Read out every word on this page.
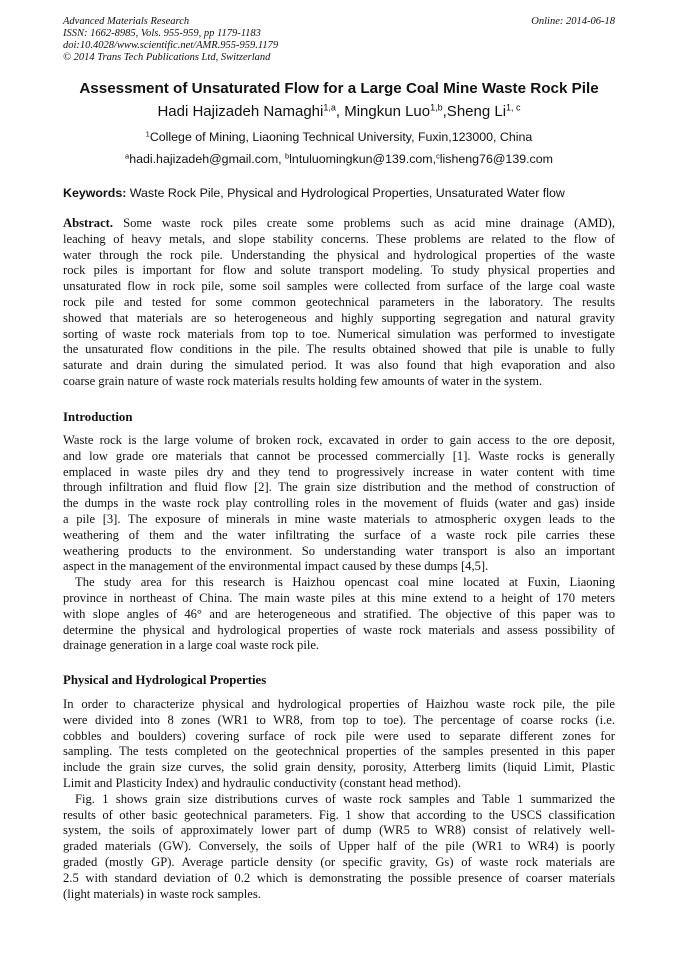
Advanced Materials Research
ISSN: 1662-8985, Vols. 955-959, pp 1179-1183
doi:10.4028/www.scientific.net/AMR.955-959.1179
© 2014 Trans Tech Publications Ltd, Switzerland
Online: 2014-06-18
Assessment of Unsaturated Flow for a Large Coal Mine Waste Rock Pile
Hadi Hajizadeh Namaghi$^{1,a}$, Mingkun Luo$^{1,b}$,Sheng Li$^{1, c}$
$^1$College of Mining, Liaoning Technical University, Fuxin,123000, China
$^a$hadi.hajizadeh@gmail.com, $^b$lntuluomingkun@139.com,$^c$lisheng76@139.com
Keywords: Waste Rock Pile, Physical and Hydrological Properties, Unsaturated Water flow
Abstract. Some waste rock piles create some problems such as acid mine drainage (AMD),
leaching of heavy metals, and slope stability concerns. These problems are related to the flow of
water through the rock pile. Understanding the physical and hydrological properties of the waste
rock piles is important for flow and solute transport modeling. To study physical properties and
unsaturated flow in rock pile, some soil samples were collected from surface of the large coal waste
rock pile and tested for some common geotechnical parameters in the laboratory. The results
showed that materials are so heterogeneous and highly supporting segregation and natural gravity
sorting of waste rock materials from top to toe. Numerical simulation was performed to investigate
the unsaturated flow conditions in the pile. The results obtained showed that pile is unable to fully
saturate and drain during the simulated period. It was also found that high evaporation and also
coarse grain nature of waste rock materials results holding few amounts of water in the system.
Introduction
Waste rock is the large volume of broken rock, excavated in order to gain access to the ore deposit,
and low grade ore materials that cannot be processed commercially [1]. Waste rocks is generally
emplaced in waste piles dry and they tend to progressively increase in water content with time
through infiltration and fluid flow [2]. The grain size distribution and the method of construction of
the dumps in the waste rock play controlling roles in the movement of fluids (water and gas) inside
a pile [3]. The exposure of minerals in mine waste materials to atmospheric oxygen leads to the
weathering of them and the water infiltrating the surface of a waste rock pile carries these
weathering products to the environment. So understanding water transport is also an important
aspect in the management of the environmental impact caused by these dumps [4,5].
The study area for this research is Haizhou opencast coal mine located at Fuxin, Liaoning
province in northeast of China. The main waste piles at this mine extend to a height of 170 meters
with slope angles of 46° and are heterogeneous and stratified. The objective of this paper was to
determine the physical and hydrological properties of waste rock materials and assess possibility of
drainage generation in a large coal waste rock pile.
Physical and Hydrological Properties
In order to characterize physical and hydrological properties of Haizhou waste rock pile, the pile
were divided into 8 zones (WR1 to WR8, from top to toe). The percentage of coarse rocks (i.e.
cobbles and boulders) covering surface of rock pile were used to separate different zones for
sampling. The tests completed on the geotechnical properties of the samples presented in this paper
include the grain size curves, the solid grain density, porosity, Atterberg limits (liquid Limit, Plastic
Limit and Plasticity Index) and hydraulic conductivity (constant head method).
Fig. 1 shows grain size distributions curves of waste rock samples and Table 1 summarized the
results of other basic geotechnical parameters. Fig. 1 show that according to the USCS classification
system, the soils of approximately lower part of dump (WR5 to WR8) consist of relatively well-
graded materials (GW). Conversely, the soils of Upper half of the pile (WR1 to WR4) is poorly
graded (mostly GP). Average particle density (or specific gravity, Gs) of waste rock materials are
2.5 with standard deviation of 0.2 which is demonstrating the possible presence of coarser materials
(light materials) in waste rock samples.
